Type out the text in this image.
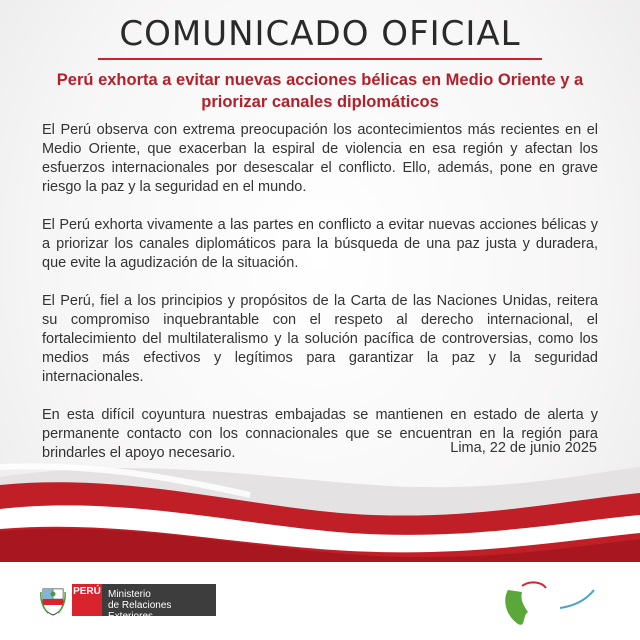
COMUNICADO OFICIAL
Perú exhorta a evitar nuevas acciones bélicas en Medio Oriente y a
priorizar canales diplomáticos

El Perú observa con extrema preocupación los acontecimientos más recientes en el Medio Oriente, que exacerban la espiral de violencia en esa región y afectan los esfuerzos internacionales por desescalar el conflicto. Ello, además, pone en grave riesgo la paz y la seguridad en el mundo.

El Perú exhorta vivamente a las partes en conflicto a evitar nuevas acciones bélicas y a priorizar los canales diplomáticos para la búsqueda de una paz justa y duradera, que evite la agudización de la situación.

El Perú, fiel a los principios y propósitos de la Carta de las Naciones Unidas, reitera su compromiso inquebrantable con el respeto al derecho internacional, el fortalecimiento del multilateralismo y la solución pacífica de controversias, como los medios más efectivos y legítimos para garantizar la paz y la seguridad internacionales.

En esta difícil coyuntura nuestras embajadas se mantienen en estado de alerta y permanente contacto con los connacionales que se encuentran en la región para brindarles el apoyo necesario.	Lima, 22 de junio 2025
PERÚ Ministerio
de Relaciones Exteriores
